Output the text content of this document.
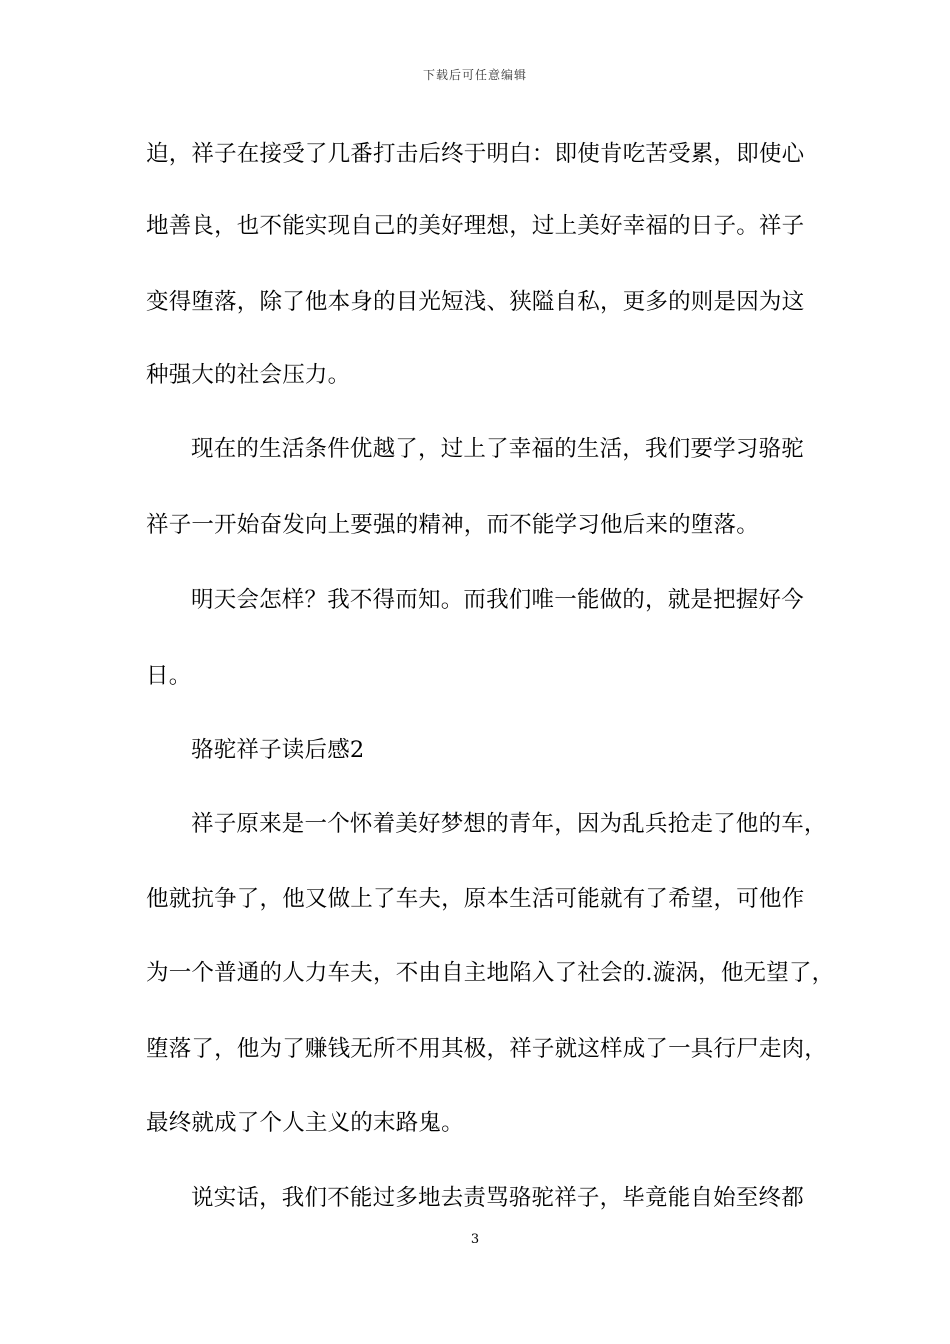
下载后可任意编辑
迫，祥子在接受了几番打击后终于明白：即使肯吃苦受累，即使心
地善良，也不能实现自己的美好理想，过上美好幸福的日子。祥子
变得堕落，除了他本身的目光短浅、狭隘自私，更多的则是因为这
种强大的社会压力。
现在的生活条件优越了，过上了幸福的生活，我们要学习骆驼
祥子一开始奋发向上要强的精神，而不能学习他后来的堕落。
明天会怎样？我不得而知。而我们唯一能做的，就是把握好今
日。
骆驼祥子读后感2
祥子原来是一个怀着美好梦想的青年，因为乱兵抢走了他的车，
他就抗争了，他又做上了车夫，原本生活可能就有了希望，可他作
为一个普通的人力车夫，不由自主地陷入了社会的.漩涡，他无望了，
堕落了，他为了赚钱无所不用其极，祥子就这样成了一具行尸走肉，
最终就成了个人主义的末路鬼。
说实话，我们不能过多地去责骂骆驼祥子，毕竟能自始至终都
3
